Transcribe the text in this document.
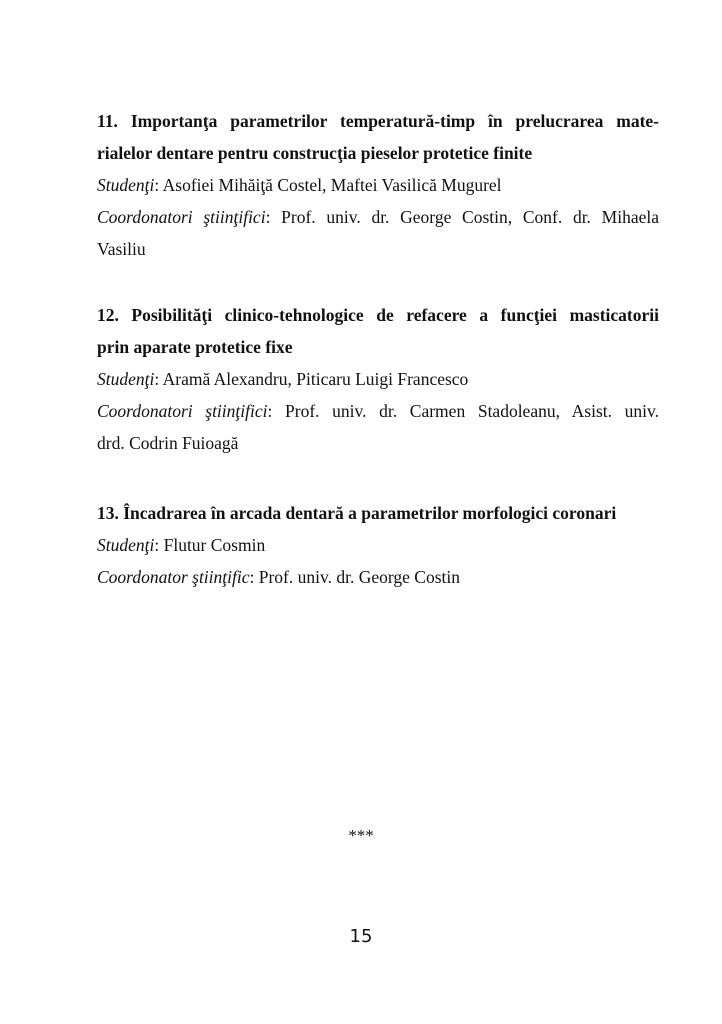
11. Importanţa parametrilor temperatură-timp în prelucrarea mate-
rialelor dentare pentru construcţia pieselor protetice finite
Studenţi: Asofiei Mihăiţă Costel, Maftei Vasilică Mugurel
Coordonatori ştiinţifici: Prof. univ. dr. George Costin, Conf. dr. Mihaela
Vasiliu
12. Posibilităţi clinico-tehnologice de refacere a funcţiei masticatorii
prin aparate protetice fixe
Studenţi: Aramă Alexandru, Piticaru Luigi Francesco
Coordonatori ştiinţifici: Prof. univ. dr. Carmen Stadoleanu, Asist. univ.
drd. Codrin Fuioagă
13. Încadrarea în arcada dentară a parametrilor morfologici coronari
Studenţi: Flutur Cosmin
Coordonator ştiinţific: Prof. univ. dr. George Costin
***
15
